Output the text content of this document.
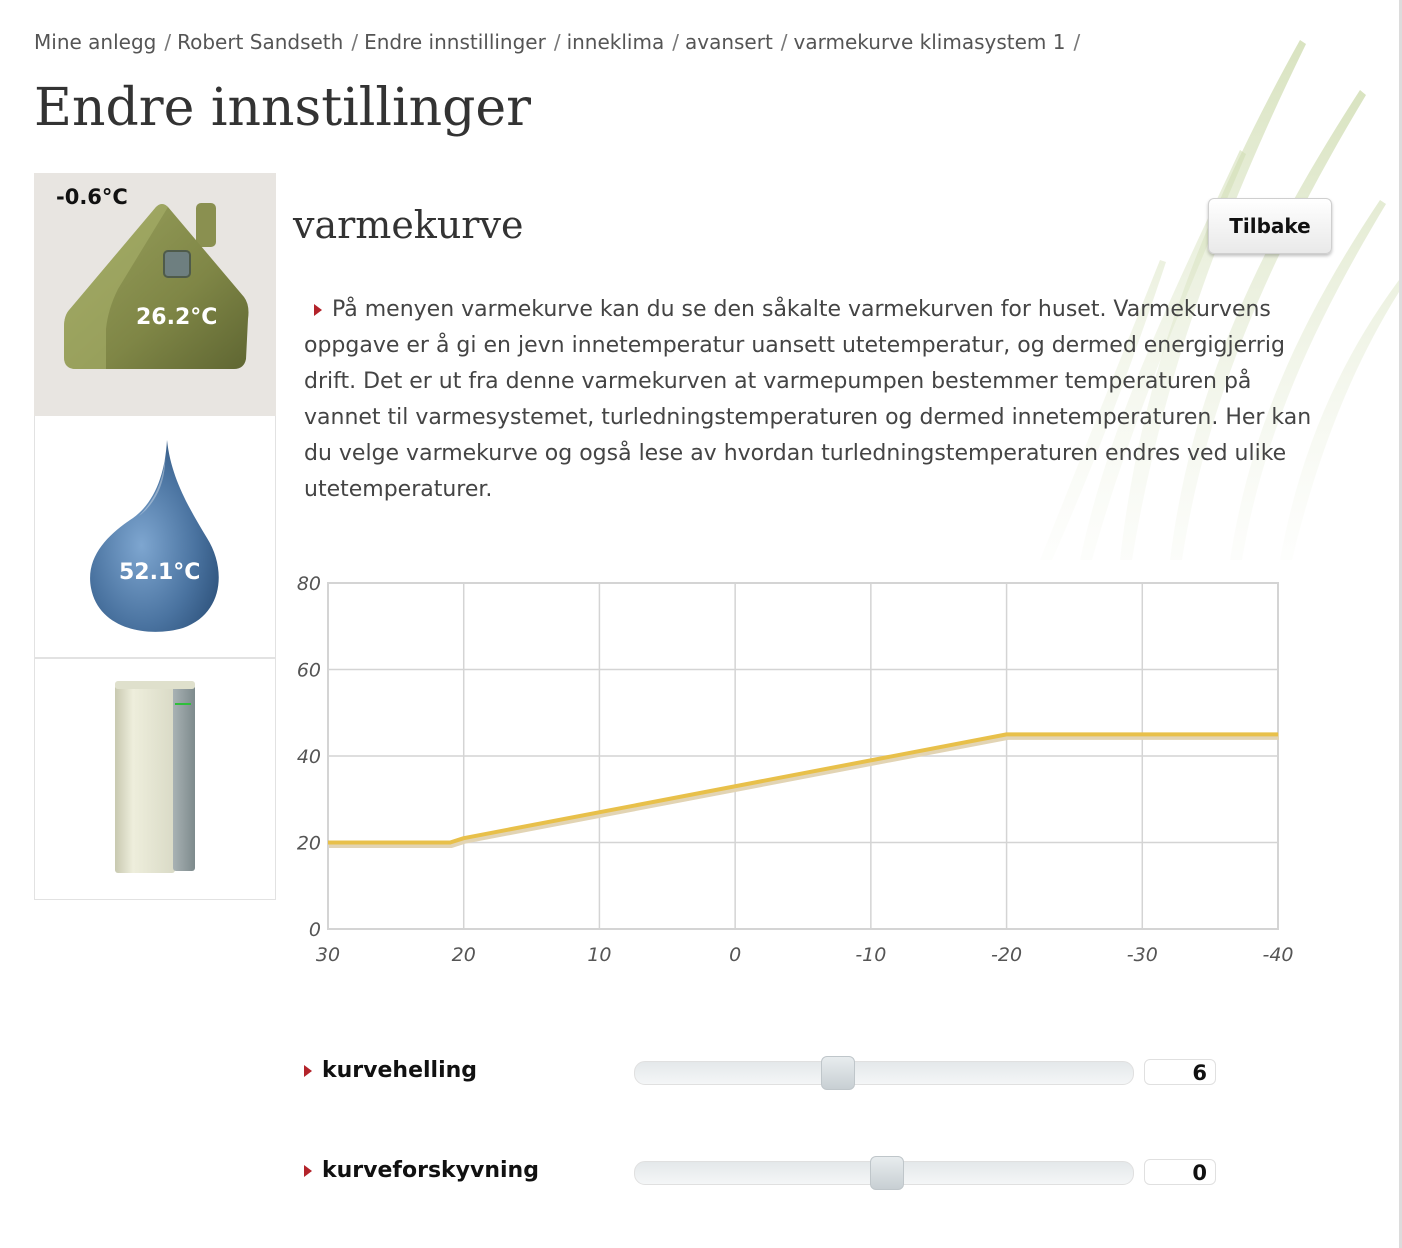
Mine anlegg / Robert Sandseth / Endre innstillinger / inneklima / avansert / varmekurve klimasystem 1 /
Endre innstillinger
-0.6°C
26.2°C
52.1°C
varmekurve	Tilbake
På menyen varmekurve kan du se den såkalte varmekurven for huset. Varmekurvens oppgave er å gi en jevn innetemperatur uansett utetemperatur, og dermed energigjerrig drift. Det er ut fra denne varmekurven at varmepumpen bestemmer temperaturen på vannet til varmesystemet, turledningstemperaturen og dermed innetemperaturen. Her kan du velge varmekurve og også lese av hvordan turledningstemperaturen endres ved ulike utetemperaturer.
30	20	10	0	-10	-20	-30	-40
0
20
40
60
80
kurvehelling	6
kurveforskyvning	0
